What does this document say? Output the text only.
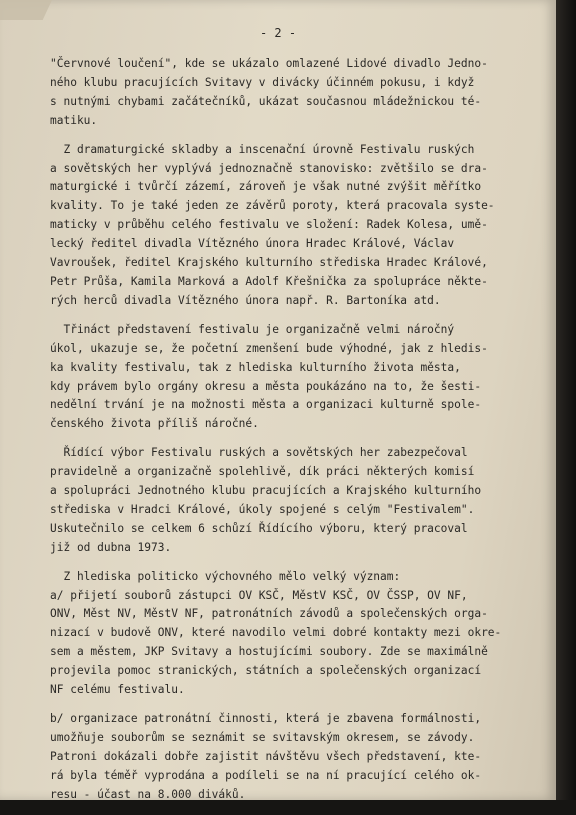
- 2 -
"Červnové loučení", kde se ukázalo omlazené Lidové divadlo Jedno-
ného klubu pracujících Svitavy v divácky účinném pokusu, i když
s nutnými chybami začátečníků, ukázat současnou mládežnickou té-
matiku.
Z dramaturgické skladby a inscenační úrovně Festivalu ruských
a sovětských her vyplývá jednoznačně stanovisko: zvětšilo se dra-
maturgické i tvůrčí zázemí, zároveň je však nutné zvýšit měřítko
kvality. To je také jeden ze závěrů poroty, která pracovala syste-
maticky v průběhu celého festivalu ve složení: Radek Kolesa, umě-
lecký ředitel divadla Vítězného února Hradec Králové, Václav
Vavroušek, ředitel Krajského kulturního střediska Hradec Králové,
Petr Průša, Kamila Marková a Adolf Křešnička za spolupráce někte-
rých herců divadla Vítězného února např. R. Bartoníka atd.
Třináct představení festivalu je organizačně velmi náročný
úkol, ukazuje se, že početní zmenšení bude výhodné, jak z hledis-
ka kvality festivalu, tak z hlediska kulturního života města,
kdy právem bylo orgány okresu a města poukázáno na to, že šesti-
nedělní trvání je na možnosti města a organizaci kulturně spole-
čenského života příliš náročné.
Řídící výbor Festivalu ruských a sovětských her zabezpečoval
pravidelně a organizačně spolehlivě, dík práci některých komisí
a spolupráci Jednotného klubu pracujících a Krajského kulturního
střediska v Hradci Králové, úkoly spojené s celým "Festivalem".
Uskutečnilo se celkem 6 schůzí Řídícího výboru, který pracoval
již od dubna 1973.
Z hlediska politicko výchovného mělo velký význam:
a/ přijetí souborů zástupci OV KSČ, MěstV KSČ, OV ČSSP, OV NF,
ONV, Měst NV, MěstV NF, patronátních závodů a společenských orga-
nizací v budově ONV, které navodilo velmi dobré kontakty mezi okre-
sem a městem, JKP Svitavy a hostujícími soubory. Zde se maximálně
projevila pomoc stranických, státních a společenských organizací
NF celému festivalu.
b/ organizace patronátní činnosti, která je zbavena formálnosti,
umožňuje souborům se seznámit se svitavským okresem, se závody.
Patroni dokázali dobře zajistit návštěvu všech představení, kte-
rá byla téměř vyprodána a podíleli se na ní pracující celého ok-
resu - účast na 8.000 diváků.
